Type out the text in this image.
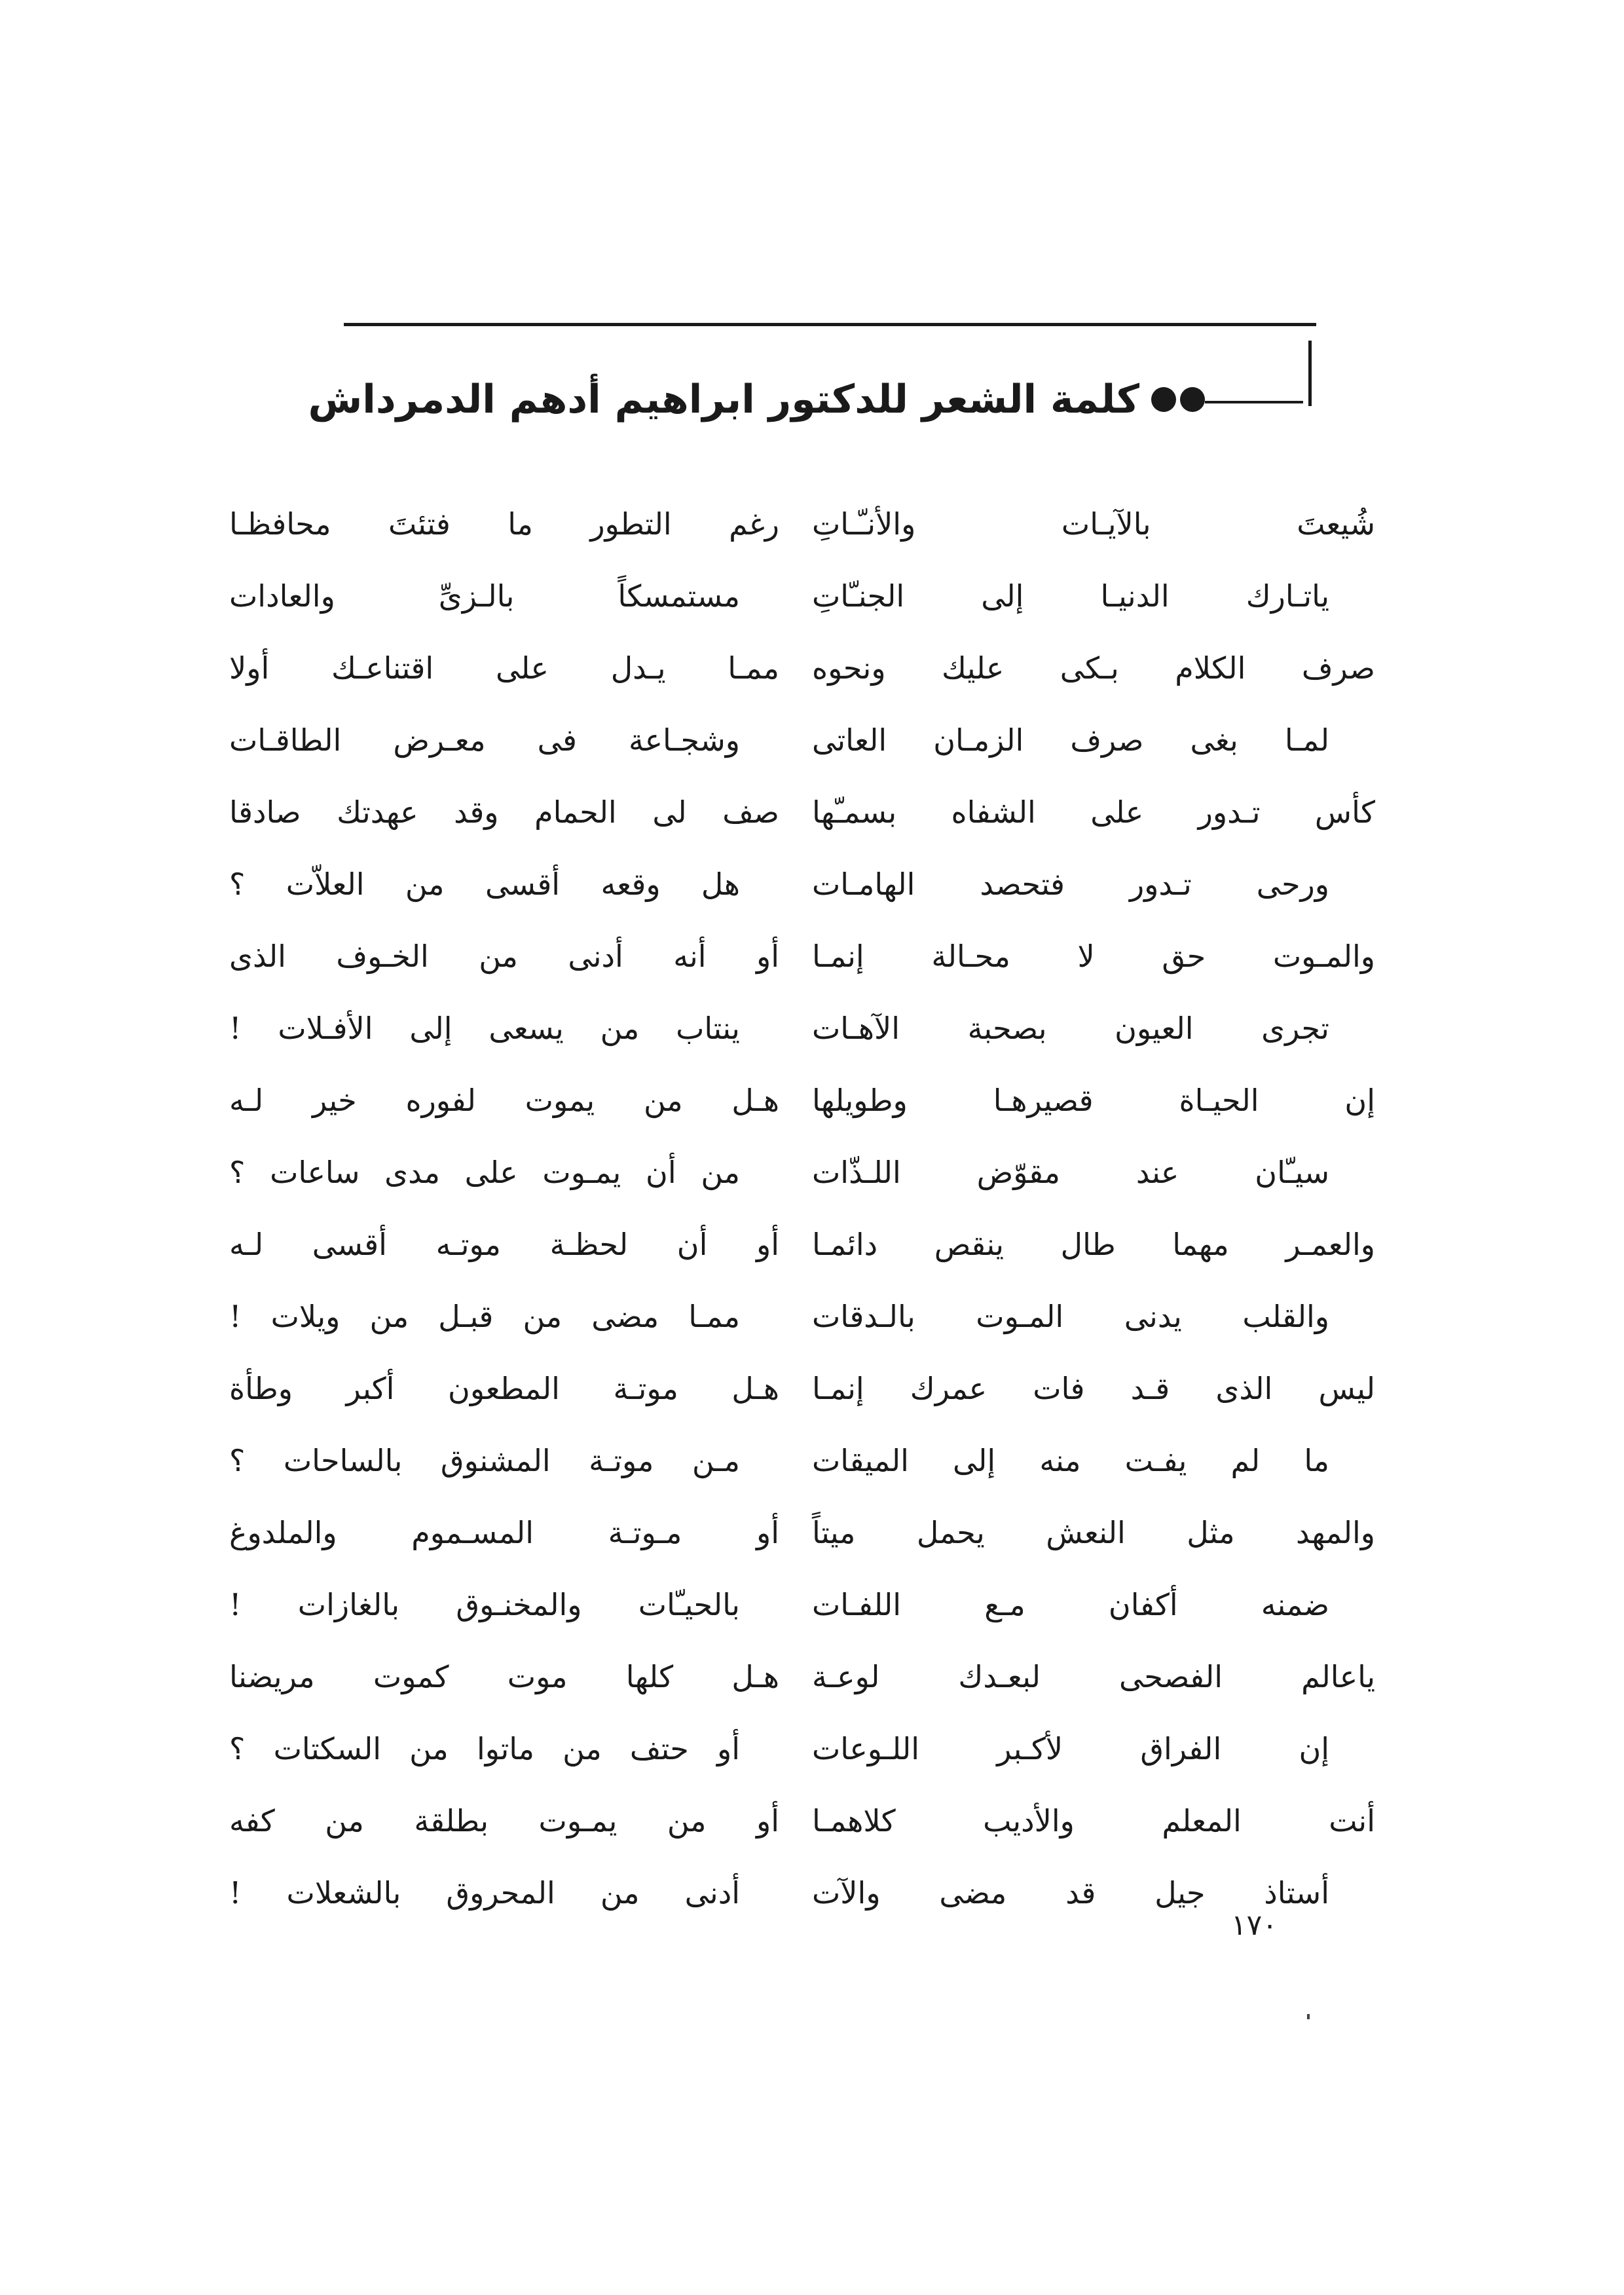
كلمة الشعر للدكتور ابراهيم أدهم الدمرداش
شُيعتَ بالآيـات والأنـّـاتِ
ياتـارك الدنيـا إلى الجنـّاتِ
صرف الكلام بـكى عليك ونحوه
لمـا بغى صرف الزمـان العاتى
كأس تـدور على الشفاه بسمـّها
ورحى تـدور فتحصد الهامـات
والمـوت حق لا محـالة إنمـا
تجرى العيون بصحبة الآهـات
إن الحيـاة قصيرهـا وطويلها
سيـّان عند مقوّض اللـذّات
والعمـر مهما طال ينقص دائمـا
والقلب يدنى المـوت بالـدقات
ليس الذى قـد فات عمرك إنمـا
ما لم يفـت منه إلى الميقات
والمهد مثل النعش يحمل ميتاً
ضمنه أكفان مـع اللفـات
ياعالم الفصحى لبعـدك لوعـة
إن الفراق لأكـبر اللـوعات
أنت المعلم والأديب كلاهمـا
أستاذ جيل قد مضى والآت
رغم التطور ما فتئتَ محافظـا
مستمسكاً بالـزىِّ والعادات
ممـا يـدل على اقتناعـك أولا
وشجـاعة فى معـرض الطاقـات
صف لى الحمام وقد عهدتك صادقا
هل وقعه أقسى من العلاّت ؟
أو أنه أدنى من الخـوف الذى
ينتاب من يسعى إلى الأفـلات !
هـل من يموت لفوره خير لـه
من أن يمـوت على مدى ساعات ؟
أو أن لحظـة موتـه أقسى لـه
ممـا مضى من قبـل من ويلات !
هـل موتـة المطعون أكبر وطأة
مـن موتـة المشنوق بالساحات ؟
أو مـوتـة المسـموم والملدوغ
بالحيـّات والمخنـوق بالغازات !
هـل كلها موت كموت مريضنا
أو حتف من ماتوا من السكتات ؟
أو من يمـوت بطلقة من كفه
أدنى من المحروق بالشعلات !
١٧٠
